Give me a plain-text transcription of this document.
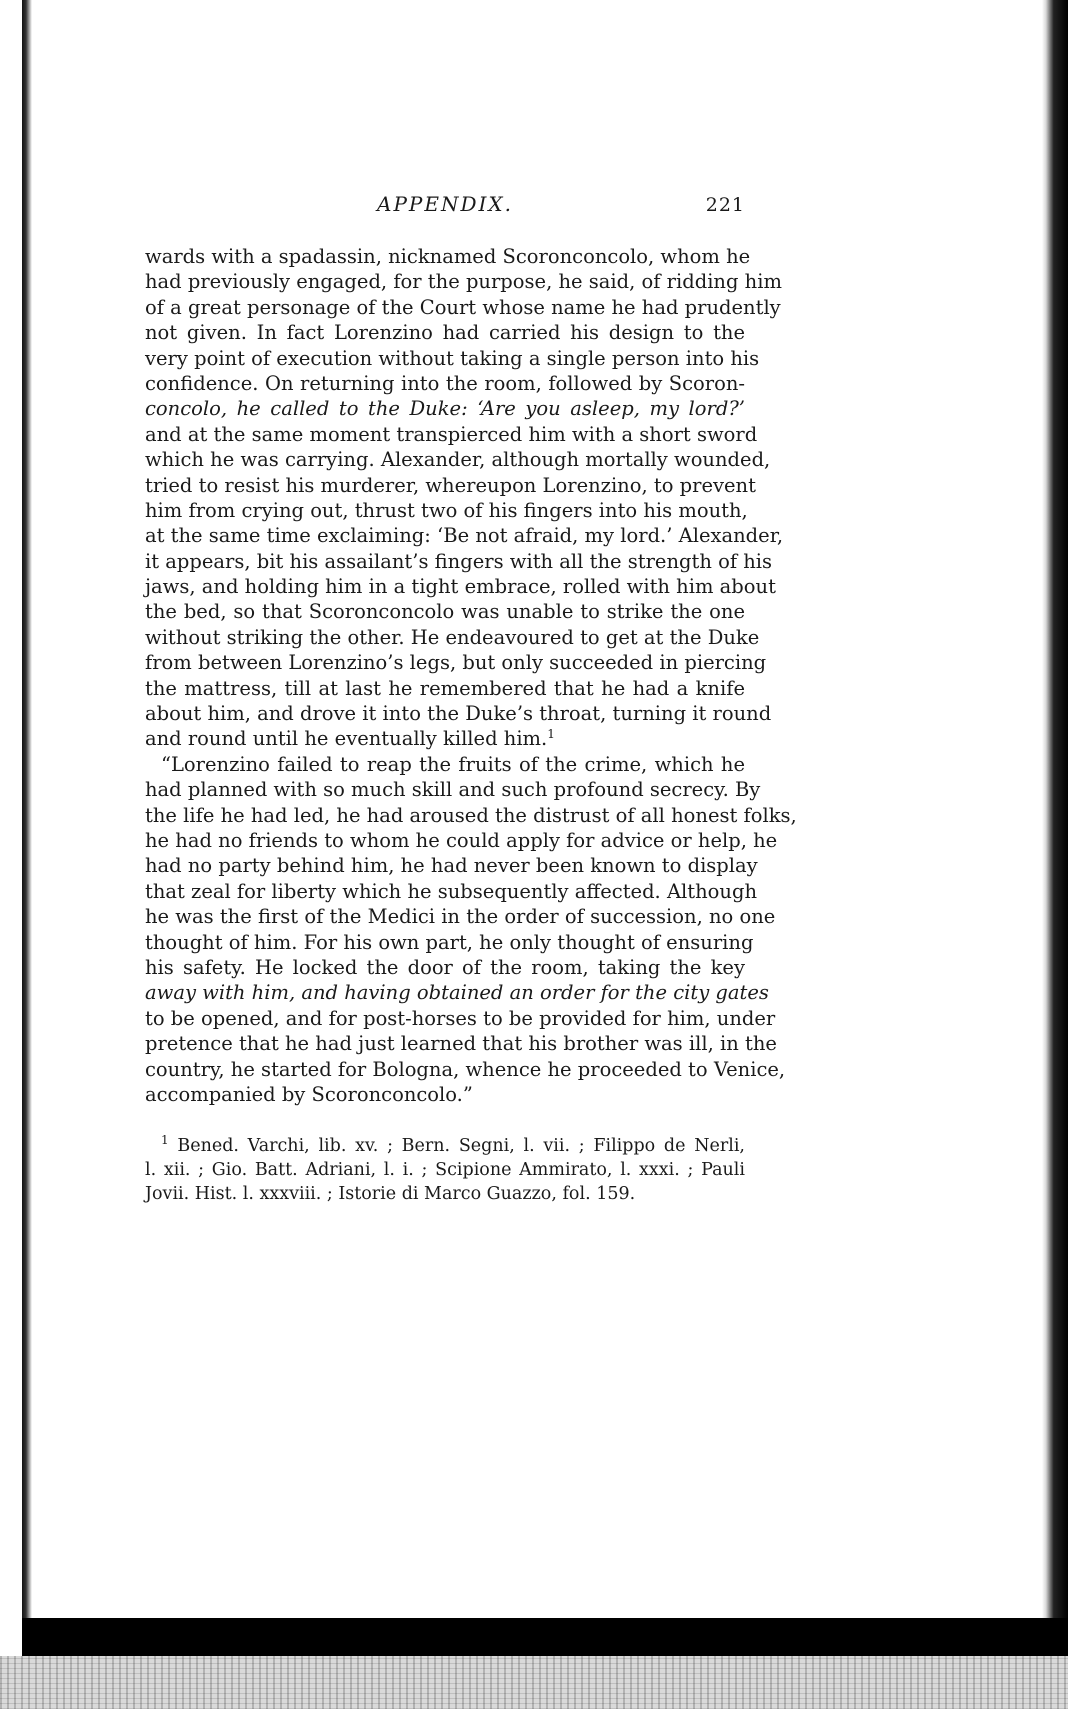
APPENDIX.	221
wards with a spadassin, nicknamed Scoronconcolo, whom he
had previously engaged, for the purpose, he said, of ridding him
of a great personage of the Court whose name he had prudently
not given. In fact Lorenzino had carried his design to the
very point of execution without taking a single person into his
confidence. On returning into the room, followed by Scoron-
concolo, he called to the Duke: ‘Are you asleep, my lord?’
and at the same moment transpierced him with a short sword
which he was carrying. Alexander, although mortally wounded,
tried to resist his murderer, whereupon Lorenzino, to prevent
him from crying out, thrust two of his fingers into his mouth,
at the same time exclaiming: ‘Be not afraid, my lord.’ Alexander,
it appears, bit his assailant’s fingers with all the strength of his
jaws, and holding him in a tight embrace, rolled with him about
the bed, so that Scoronconcolo was unable to strike the one
without striking the other. He endeavoured to get at the Duke
from between Lorenzino’s legs, but only succeeded in piercing
the mattress, till at last he remembered that he had a knife
about him, and drove it into the Duke’s throat, turning it round
and round until he eventually killed him.$^1$
“Lorenzino failed to reap the fruits of the crime, which he
had planned with so much skill and such profound secrecy. By
the life he had led, he had aroused the distrust of all honest folks,
he had no friends to whom he could apply for advice or help, he
had no party behind him, he had never been known to display
that zeal for liberty which he subsequently affected. Although
he was the first of the Medici in the order of succession, no one
thought of him. For his own part, he only thought of ensuring
his safety. He locked the door of the room, taking the key
away with him, and having obtained an order for the city gates
to be opened, and for post-horses to be provided for him, under
pretence that he had just learned that his brother was ill, in the
country, he started for Bologna, whence he proceeded to Venice,
accompanied by Scoronconcolo.”
$^1$ Bened. Varchi, lib. xv. ; Bern. Segni, l. vii. ; Filippo de Nerli,
l. xii. ; Gio. Batt. Adriani, l. i. ; Scipione Ammirato, l. xxxi. ; Pauli
Jovii. Hist. l. xxxviii. ; Istorie di Marco Guazzo, fol. 159.
